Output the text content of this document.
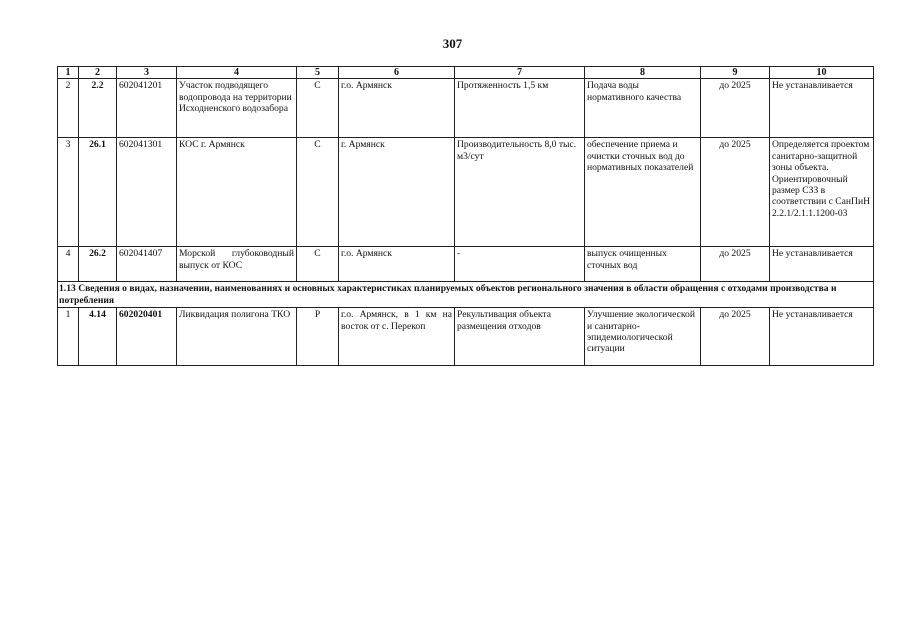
307
1	2	3	4	5	6	7	8	9	10
2	2.2	602041201	Участок подводящего водопровода на территории Исходненского водозабора	С	г.о. Армянск	Протяженность 1,5 км	Подача воды нормативного качества	до 2025	Не устанавливается
3	26.1	602041301	КОС г. Армянск	С	г. Армянск	Производительность 8,0 тыс. м3/сут	обеспечение приема и очистки сточных вод до нормативных показателей	до 2025	Определяется проектом санитарно-защитной зоны объекта. Ориентировочный размер СЗЗ в соответствии с СанПиН 2.2.1/2.1.1.1200-03
4	26.2	602041407	Морской глубоководный выпуск от КОС	С	г.о. Армянск	-	выпуск очищенных сточных вод	до 2025	Не устанавливается
1.13 Сведения о видах, назначении, наименованиях и основных характеристиках планируемых объектов регионального значения в области обращения с отходами производства и потребления									
1	4.14	602020401	Ликвидация полигона ТКО	Р	г.о. Армянск, в 1 км на восток от с. Перекоп	Рекультивация объекта размещения отходов	Улучшение экологической и санитарно-эпидемиологической ситуации	до 2025	Не устанавливается
